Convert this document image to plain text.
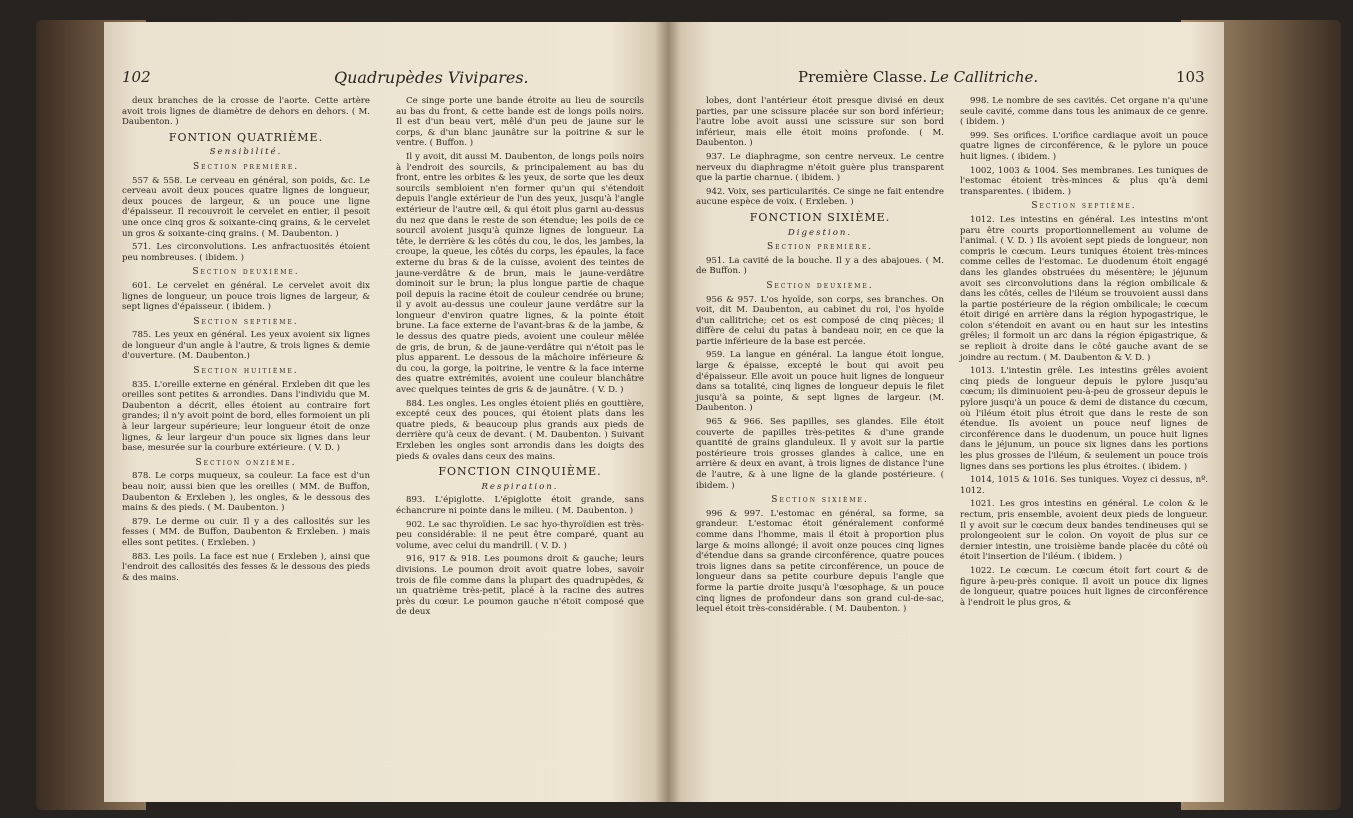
102	Quadrupèdes Vivipares.

deux branches de la crosse de l'aorte. Cette artère avoit trois lignes de diamètre de dehors en dehors. ( M. Daubenton. )

FONTION QUATRIÈME.
Sensibilité.
Section première.

557 & 558. Le cerveau en général, son poids, &c. Le cerveau avoit deux pouces quatre lignes de longueur, deux pouces de largeur, & un pouce une ligne d'épaisseur. Il recouvroit le cervelet en entier, il pesoit une once cinq gros & soixante-cinq grains, & le cervelet un gros & soixante-cinq grains. ( M. Daubenton. )

571. Les circonvolutions. Les anfractuosités étoient peu nombreuses. ( ibidem. )

Section deuxième.

601. Le cervelet en général. Le cervelet avoit dix lignes de longueur, un pouce trois lignes de largeur, & sept lignes d'épaisseur. ( ibidem. )

Section septième.

785. Les yeux en général. Les yeux avoient six lignes de longueur d'un angle à l'autre, & trois lignes & demie d'ouverture. (M. Daubenton.)

Section huitième.

835. L'oreille externe en général. Erxleben dit que les oreilles sont petites & arrondies. Dans l'individu que M. Daubenton a décrit, elles étoient au contraire fort grandes; il n'y avoit point de bord, elles formoient un pli à leur largeur supérieure; leur longueur étoit de onze lignes, & leur largeur d'un pouce six lignes dans leur base, mesurée sur la courbure extérieure. ( V. D. )

Section onzième.

878. Le corps muqueux, sa couleur. La face est d'un beau noir, aussi bien que les oreilles ( MM. de Buffon, Daubenton & Erxleben ), les ongles, & le dessous des mains & des pieds. ( M. Daubenton. )

879. Le derme ou cuir. Il y a des callosités sur les fesses ( MM. de Buffon, Daubenton & Erxleben. ) mais elles sont petites. ( Erxleben. )

883. Les poils. La face est nue ( Erxleben ), ainsi que l'endroit des callosités des fesses & le dessous des pieds & des mains.

Ce singe porte une bande étroite au lieu de sourcils au bas du front, & cette bande est de longs poils noirs. Il est d'un beau vert, mêlé d'un peu de jaune sur le corps, & d'un blanc jaunâtre sur la poitrine & sur le ventre. ( Buffon. )

Il y avoit, dit aussi M. Daubenton, de longs poils noirs à l'endroit des sourcils, & principalement au bas du front, entre les orbites & les yeux, de sorte que les deux sourcils sembloient n'en former qu'un qui s'étendoit depuis l'angle extérieur de l'un des yeux, jusqu'à l'angle extérieur de l'autre œil, & qui étoit plus garni au-dessus du nez que dans le reste de son étendue; les poils de ce sourcil avoient jusqu'à quinze lignes de longueur. La tête, le derrière & les côtés du cou, le dos, les jambes, la croupe, la queue, les côtés du corps, les épaules, la face externe du bras & de la cuisse, avoient des teintes de jaune-verdâtre & de brun, mais le jaune-verdâtre dominoit sur le brun; la plus longue partie de chaque poil depuis la racine étoit de couleur cendrée ou brune; il y avoit au-dessus une couleur jaune verdâtre sur la longueur d'environ quatre lignes, & la pointe étoit brune. La face externe de l'avant-bras & de la jambe, & le dessus des quatre pieds, avoient une couleur mêlée de gris, de brun, & de jaune-verdâtre qui n'étoit pas le plus apparent. Le dessous de la mâchoire inférieure & du cou, la gorge, la poitrine, le ventre & la face interne des quatre extrémités, avoient une couleur blanchâtre avec quelques teintes de gris & de jaunâtre. ( V. D. )

884. Les ongles. Les ongles étoient pliés en gouttière, excepté ceux des pouces, qui étoient plats dans les quatre pieds, & beaucoup plus grands aux pieds de derrière qu'à ceux de devant. ( M. Daubenton. ) Suivant Erxleben les ongles sont arrondis dans les doigts des pieds & ovales dans ceux des mains.

FONCTION CINQUIÈME.
Respiration.

893. L'épiglotte. L'épiglotte étoit grande, sans échancrure ni pointe dans le milieu. ( M. Daubenton. )

902. Le sac thyroïdien. Le sac hyo-thyroïdien est très-peu considérable: il ne peut être comparé, quant au volume, avec celui du mandrill. ( V. D. )

916, 917 & 918. Les poumons droit & gauche; leurs divisions. Le poumon droit avoit quatre lobes, savoir trois de file comme dans la plupart des quadrupèdes, & un quatrième très-petit, placé à la racine des autres près du cœur. Le poumon gauche n'étoit composé que de deux

Première Classe. Le Callitriche.	103

lobes, dont l'antérieur étoit presque divisé en deux parties, par une scissure placée sur son bord inférieur; l'autre lobe avoit aussi une scissure sur son bord inférieur, mais elle étoit moins profonde. ( M. Daubenton. )

937. Le diaphragme, son centre nerveux. Le centre nerveux du diaphragme n'étoit guère plus transparent que la partie charnue. ( ibidem. )

942. Voix, ses particularités. Ce singe ne fait entendre aucune espèce de voix. ( Erxleben. )

FONCTION SIXIÈME.
Digestion.
Section première.

951. La cavité de la bouche. Il y a des abajoues. ( M. de Buffon. )

Section deuxième.

956 & 957. L'os hyoïde, son corps, ses branches. On voit, dit M. Daubenton, au cabinet du roi, l'os hyoïde d'un callitriche; cet os est composé de cinq pièces; il diffère de celui du patas à bandeau noir, en ce que la partie inférieure de la base est percée.

959. La langue en général. La langue étoit longue, large & épaisse, excepté le bout qui avoit peu d'épaisseur. Elle avoit un pouce huit lignes de longueur dans sa totalité, cinq lignes de longueur depuis le filet jusqu'à sa pointe, & sept lignes de largeur. (M. Daubenton. )

965 & 966. Ses papilles, ses glandes. Elle étoit couverte de papilles très-petites & d'une grande quantité de grains glanduleux. Il y avoit sur la partie postérieure trois grosses glandes à calice, une en arrière & deux en avant, à trois lignes de distance l'une de l'autre, & à une ligne de la glande postérieure. ( ibidem. )

Section sixième.

996 & 997. L'estomac en général, sa forme, sa grandeur. L'estomac étoit généralement conformé comme dans l'homme, mais il étoit à proportion plus large & moins allongé; il avoit onze pouces cinq lignes d'étendue dans sa grande circonférence, quatre pouces trois lignes dans sa petite circonférence, un pouce de longueur dans sa petite courbure depuis l'angle que forme la partie droite jusqu'à l'œsophage, & un pouce cinq lignes de profondeur dans son grand cul-de-sac, lequel étoit très-considérable. ( M. Daubenton. )

998. Le nombre de ses cavités. Cet organe n'a qu'une seule cavité, comme dans tous les animaux de ce genre. ( ibidem. )

999. Ses orifices. L'orifice cardiaque avoit un pouce quatre lignes de circonférence, & le pylore un pouce huit lignes. ( ibidem. )

1002, 1003 & 1004. Ses membranes. Les tuniques de l'estomac étoient très-minces & plus qu'à demi transparentes. ( ibidem. )

Section septième.

1012. Les intestins en général. Les intestins m'ont paru être courts proportionnellement au volume de l'animal. ( V. D. ) Ils avoient sept pieds de longueur, non compris le cœcum. Leurs tuniques étoient très-minces comme celles de l'estomac. Le duodenum étoit engagé dans les glandes obstruées du mésentère; le jéjunum avoit ses circonvolutions dans la région ombilicale & dans les côtés, celles de l'iléum se trouvoient aussi dans la partie postérieure de la région ombilicale; le cœcum étoit dirigé en arrière dans la région hypogastrique, le colon s'étendoit en avant ou en haut sur les intestins grêles; il formoit un arc dans la région épigastrique, & se replioit à droite dans le côté gauche avant de se joindre au rectum. ( M. Daubenton & V. D. )

1013. L'intestin grêle. Les intestins grêles avoient cinq pieds de longueur depuis le pylore jusqu'au cœcum; ils diminuoient peu-à-peu de grosseur depuis le pylore jusqu'à un pouce & demi de distance du cœcum, où l'iléum étoit plus étroit que dans le reste de son étendue. Ils avoient un pouce neuf lignes de circonférence dans le duodenum, un pouce huit lignes dans le jéjunum, un pouce six lignes dans les portions les plus grosses de l'iléum, & seulement un pouce trois lignes dans ses portions les plus étroites. ( ibidem. )

1014, 1015 & 1016. Ses tuniques. Voyez ci dessus, nº. 1012.

1021. Les gros intestins en général. Le colon & le rectum, pris ensemble, avoient deux pieds de longueur. Il y avoit sur le cœcum deux bandes tendineuses qui se prolongeoient sur le colon. On voyoit de plus sur ce dernier intestin, une troisième bande placée du côté où étoit l'insertion de l'iléum. ( ibidem. )

1022. Le cœcum. Le cœcum étoit fort court & de figure à-peu-près conique. Il avoit un pouce dix lignes de longueur, quatre pouces huit lignes de circonférence à l'endroit le plus gros, &
